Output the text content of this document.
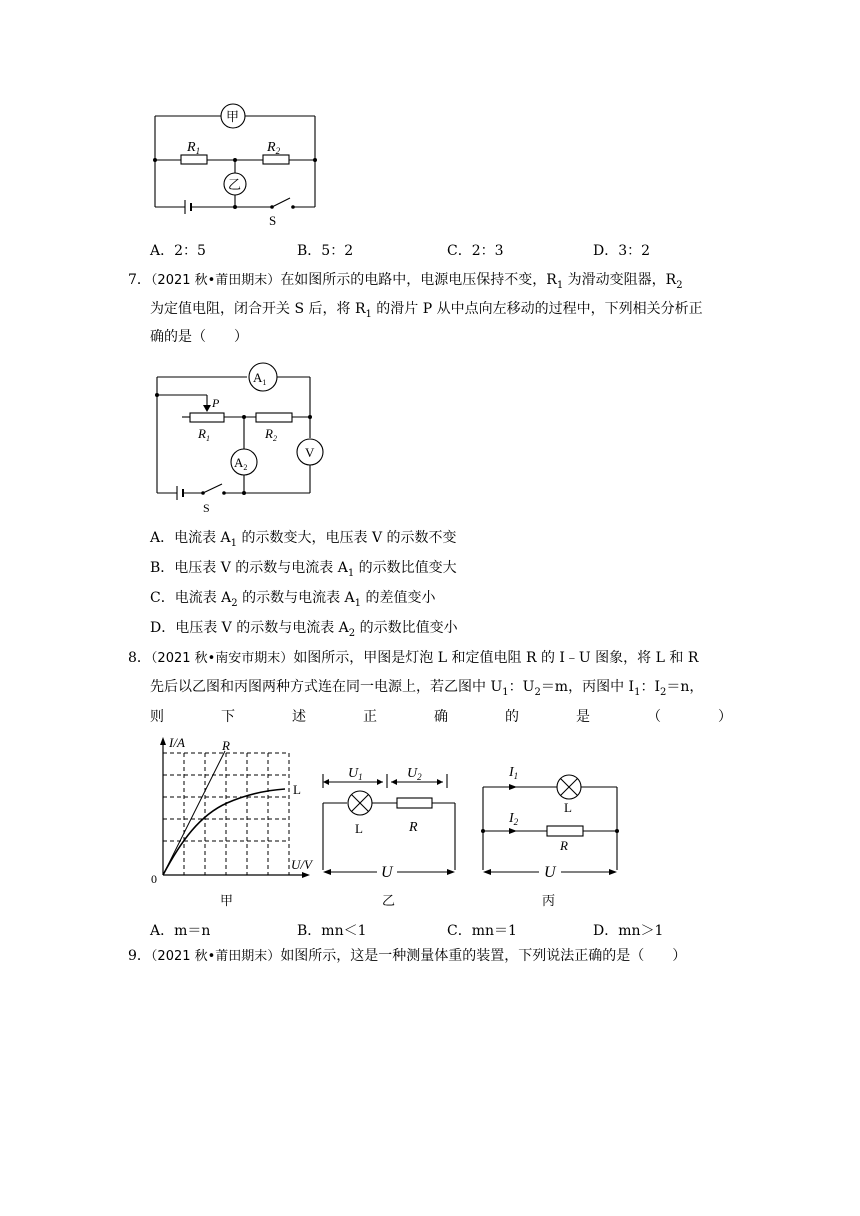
甲
乙
$R_1$	$R_2$
S
A．2：5	B．5：2	C．2：3	D．3：2
7．（2021 秋•莆田期末）在如图所示的电路中，电源电压保持不变，$R_1$ 为滑动变阻器，$R_2$
为定值电阻，闭合开关 S 后，将 $R_1$ 的滑片 P 从中点向左移动的过程中，下列相关分析正
确的是（　　）
$A_1$
$A_2$
V
P
$R_1$	$R_2$
S
A．电流表 $A_1$ 的示数变大，电压表 V 的示数不变
B．电压表 V 的示数与电流表 $A_1$ 的示数比值变大
C．电流表 $A_2$ 的示数与电流表 $A_1$ 的差值变小
D．电压表 V 的示数与电流表 $A_2$ 的示数比值变小
8．（2021 秋•南安市期末）如图所示，甲图是灯泡 L 和定值电阻 R 的 I﹣U 图象，将 L 和 R
先后以乙图和丙图两种方式连在同一电源上，若乙图中 $U_1$：$U_2=m$，丙图中 $I_1$：$I_2=n$，
则	下	述	正	确	的	是	（	）
I/A
U/V
0
R
L
甲
$U_1$	$U_2$
L	R
U
乙
$I_1$
$I_2$
L
R
U
丙
A．m＝n	B．mn＜1	C．mn＝1	D．mn＞1
9．（2021 秋•莆田期末）如图所示，这是一种测量体重的装置，下列说法正确的是（　　）
